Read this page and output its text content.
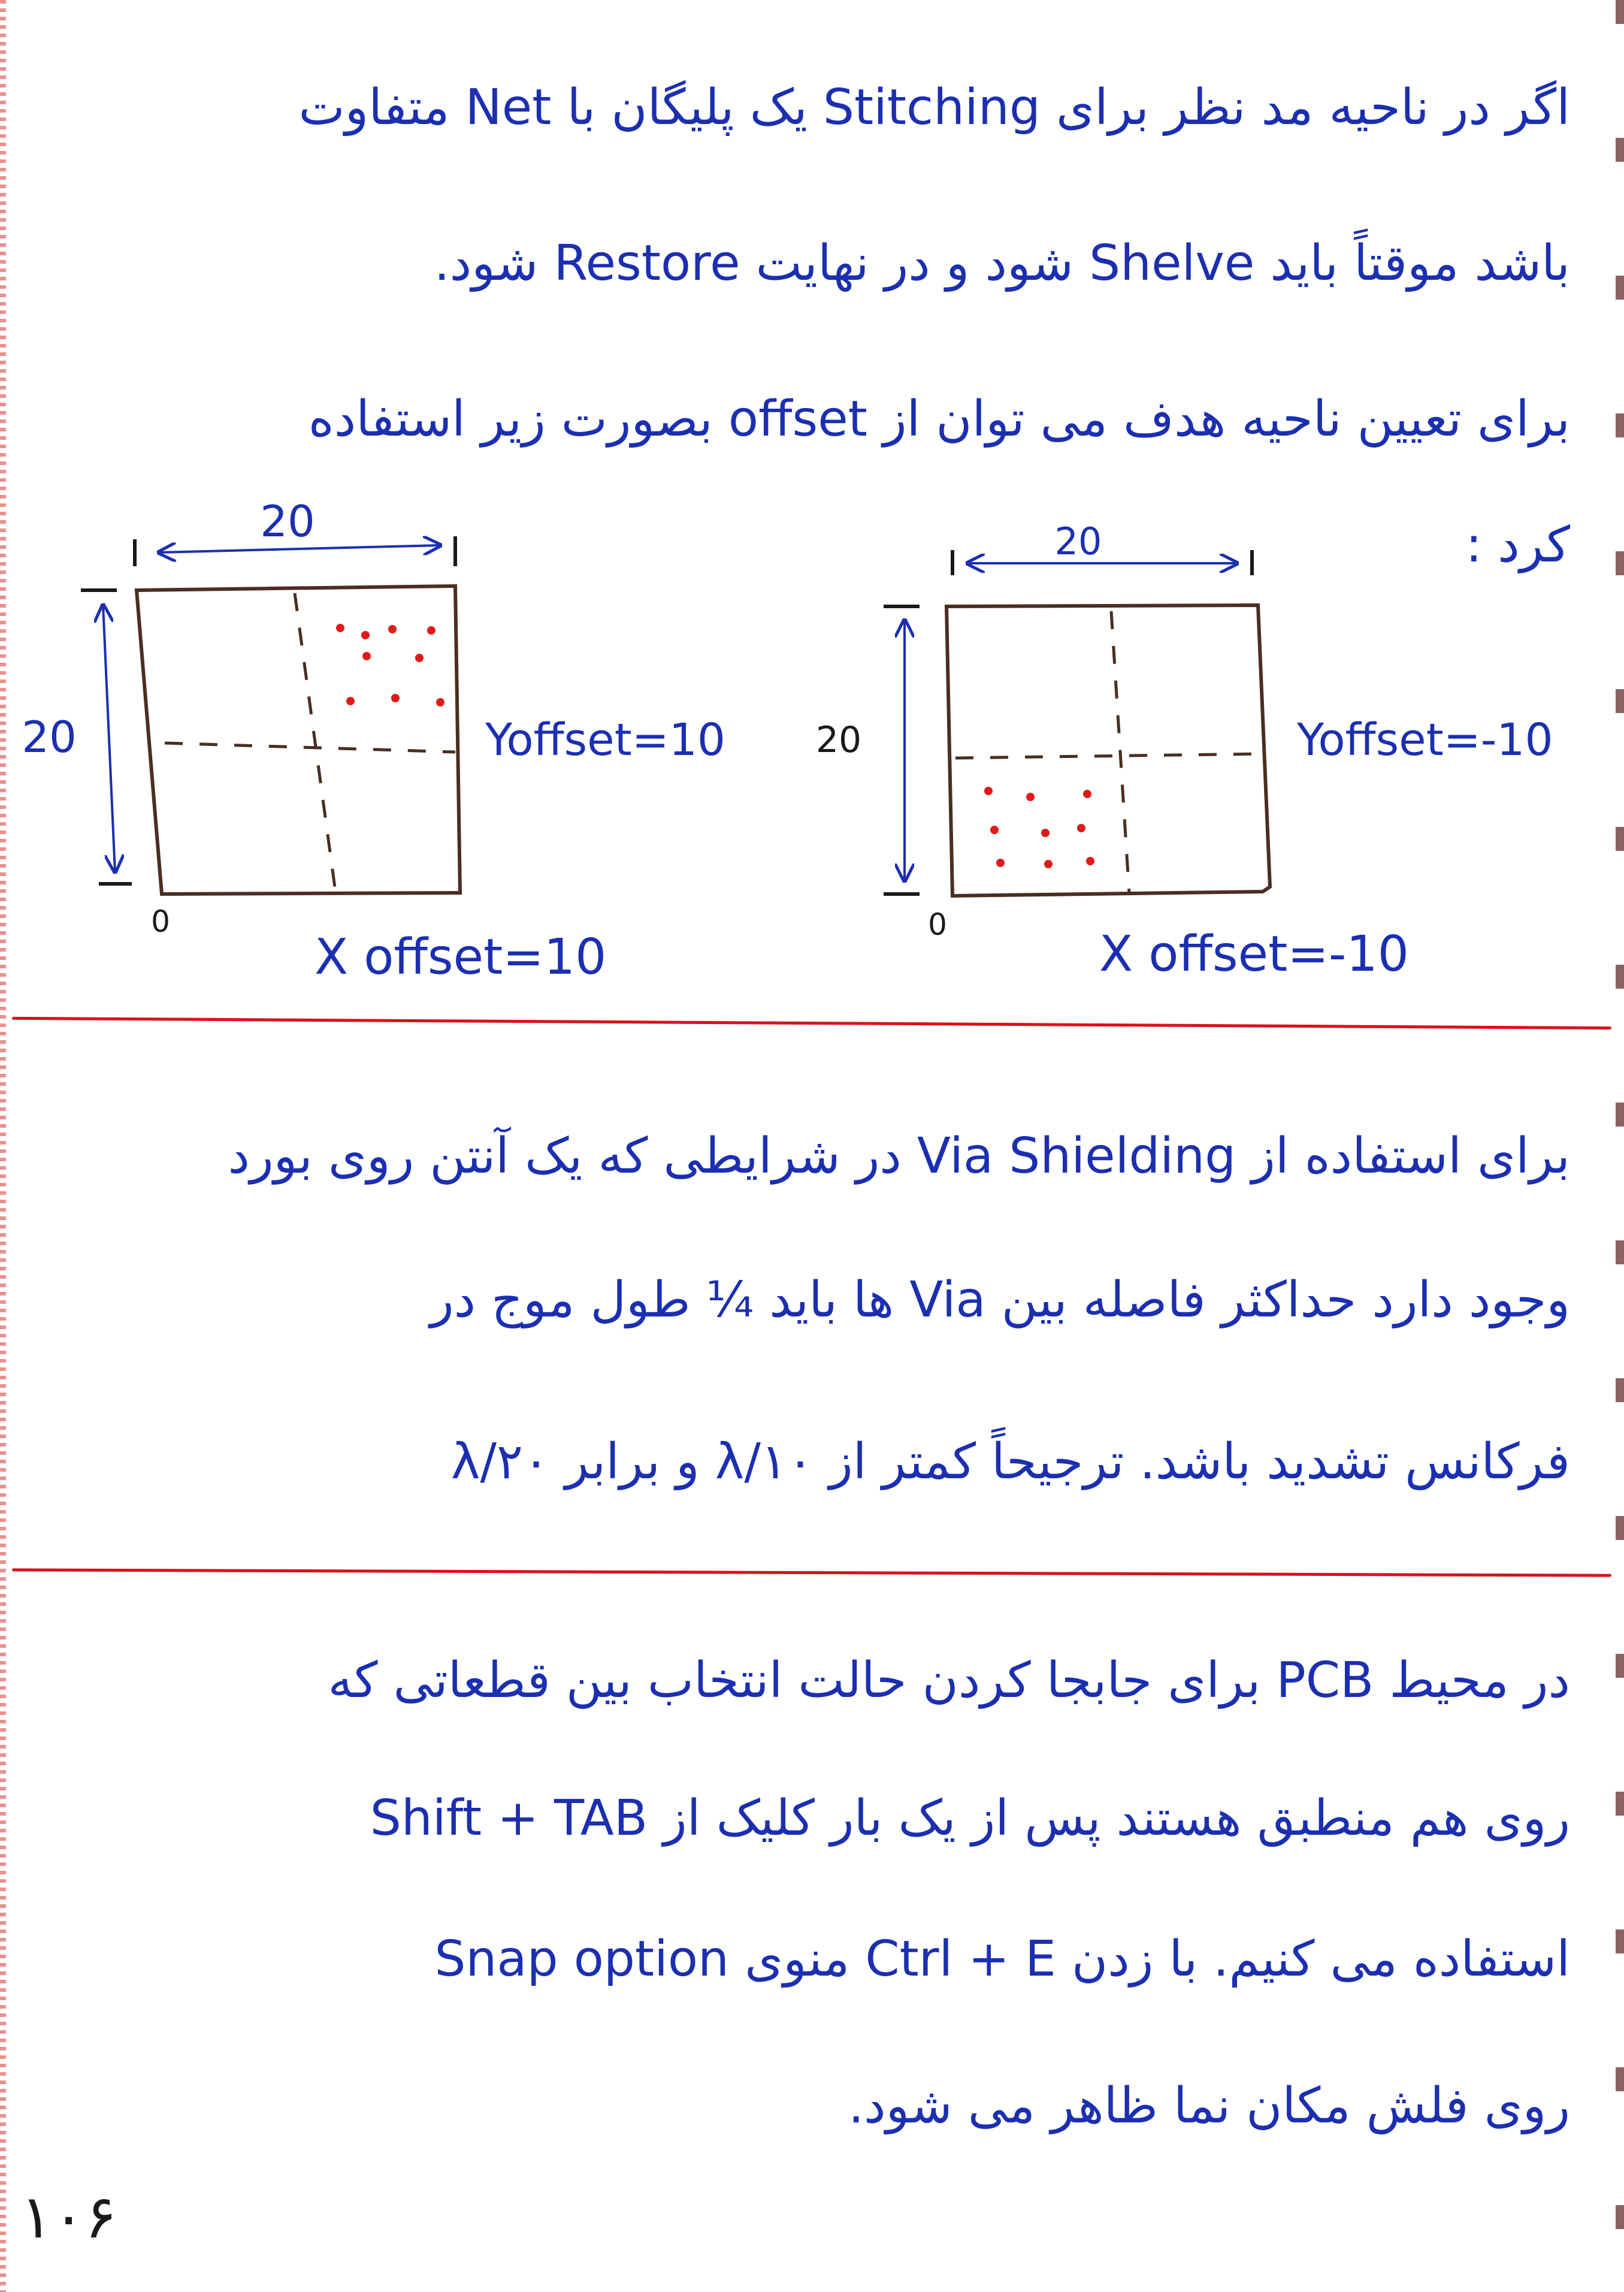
اگر در ناحیه مد نظر برای Stitching یک پلیگان با Net متفاوت
باشد موقتاً باید Shelve شود و در نهایت Restore شود.
برای تعیین ناحیه هدف می توان از offset بصورت زیر استفاده
کرد :
20
20
0
Yoffset=10
X offset=10
20
20
0
Yoffset=-10
X offset=-10
برای استفاده از Via Shielding در شرایطی که یک آنتن روی بورد
وجود دارد حداکثر فاصله بین Via ها باید ¼ طول موج در
فرکانس تشدید باشد. ترجیحاً کمتر از λ/۱۰ و برابر λ/۲۰
در محیط PCB برای جابجا کردن حالت انتخاب بین قطعاتی که
روی هم منطبق هستند پس از یک بار کلیک از Shift + TAB
استفاده می کنیم. با زدن Ctrl + E منوی Snap option
روی فلش مکان نما ظاهر می شود.
۱۰۶
